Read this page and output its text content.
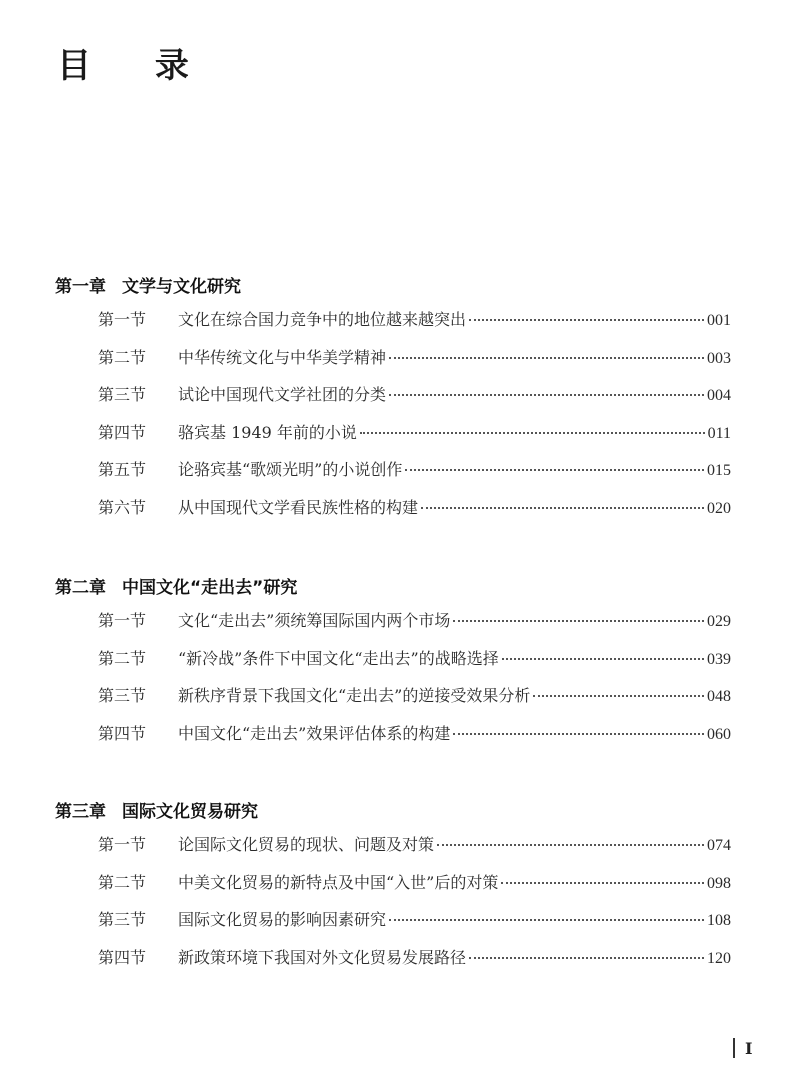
目 录
第一章 文学与文化研究
第一节	文化在综合国力竞争中的地位越来越突出	001
第二节	中华传统文化与中华美学精神	003
第三节	试论中国现代文学社团的分类	004
第四节	骆宾基 1949 年前的小说	011
第五节	论骆宾基“歌颂光明”的小说创作	015
第六节	从中国现代文学看民族性格的构建	020
第二章 中国文化“走出去”研究
第一节	文化“走出去”须统筹国际国内两个市场	029
第二节	“新冷战”条件下中国文化“走出去”的战略选择	039
第三节	新秩序背景下我国文化“走出去”的逆接受效果分析	048
第四节	中国文化“走出去”效果评估体系的构建	060
第三章 国际文化贸易研究
第一节	论国际文化贸易的现状、问题及对策	074
第二节	中美文化贸易的新特点及中国“入世”后的对策	098
第三节	国际文化贸易的影响因素研究	108
第四节	新政策环境下我国对外文化贸易发展路径	120
I
